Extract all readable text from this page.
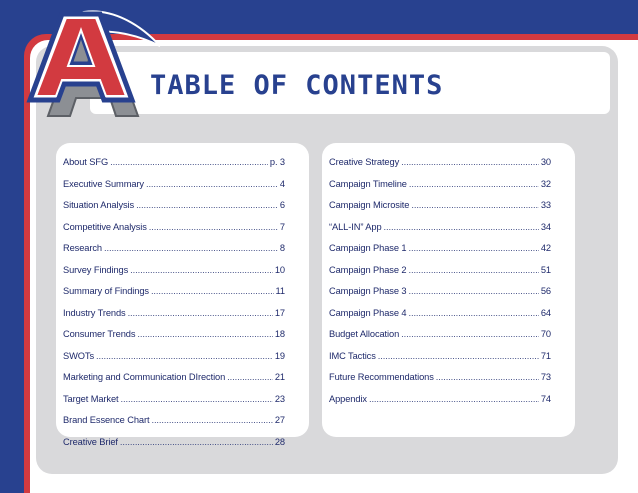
TABLE OF CONTENTS
About SFG .....	p. 3
Executive Summary .....	4
Situation Analysis .....	6
Competitive Analysis .....	7
Research .....	8
Survey Findings .....	10
Summary of Findings .....	11
Industry Trends .....	17
Consumer Trends .....	18
SWOTs .....	19
Marketing and Communication DIrection .....	21
Target Market .....	23
Brand Essence Chart .....	27
Creative Brief .....	28
Creative Strategy .....	30
Campaign Timeline .....	32
Campaign Microsite .....	33
“ALL-IN” App .....	34
Campaign Phase 1 .....	42
Campaign Phase 2 .....	51
Campaign Phase 3 .....	56
Campaign Phase 4 .....	64
Budget Allocation .....	70
IMC Tactics .....	71
Future Recommendations .....	73
Appendix .....	74
